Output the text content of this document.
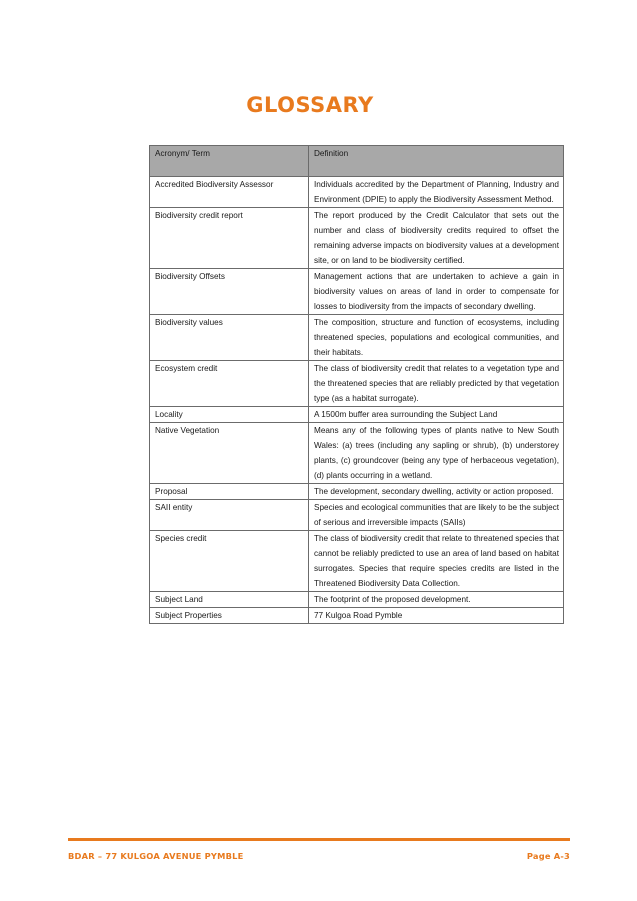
GLOSSARY
Acronym/ Term	Definition
Accredited Biodiversity Assessor	Individuals accredited by the Department of Planning, Industry and Environment (DPIE) to apply the Biodiversity Assessment Method.
Biodiversity credit report	The report produced by the Credit Calculator that sets out the number and class of biodiversity credits required to offset the remaining adverse impacts on biodiversity values at a development site, or on land to be biodiversity certified.
Biodiversity Offsets	Management actions that are undertaken to achieve a gain in biodiversity values on areas of land in order to compensate for losses to biodiversity from the impacts of secondary dwelling.
Biodiversity values	The composition, structure and function of ecosystems, including threatened species, populations and ecological communities, and their habitats.
Ecosystem credit	The class of biodiversity credit that relates to a vegetation type and the threatened species that are reliably predicted by that vegetation type (as a habitat surrogate).
Locality	A 1500m buffer area surrounding the Subject Land
Native Vegetation	Means any of the following types of plants native to New South Wales: (a) trees (including any sapling or shrub), (b) understorey plants, (c) groundcover (being any type of herbaceous vegetation), (d) plants occurring in a wetland.
Proposal	The development, secondary dwelling, activity or action proposed.
SAII entity	Species and ecological communities that are likely to be the subject of serious and irreversible impacts (SAIIs)
Species credit	The class of biodiversity credit that relate to threatened species that cannot be reliably predicted to use an area of land based on habitat surrogates. Species that require species credits are listed in the Threatened Biodiversity Data Collection.
Subject Land	The footprint of the proposed development.
Subject Properties	77 Kulgoa Road Pymble
BDAR – 77 KULGOA AVENUE PYMBLE	Page A-3
